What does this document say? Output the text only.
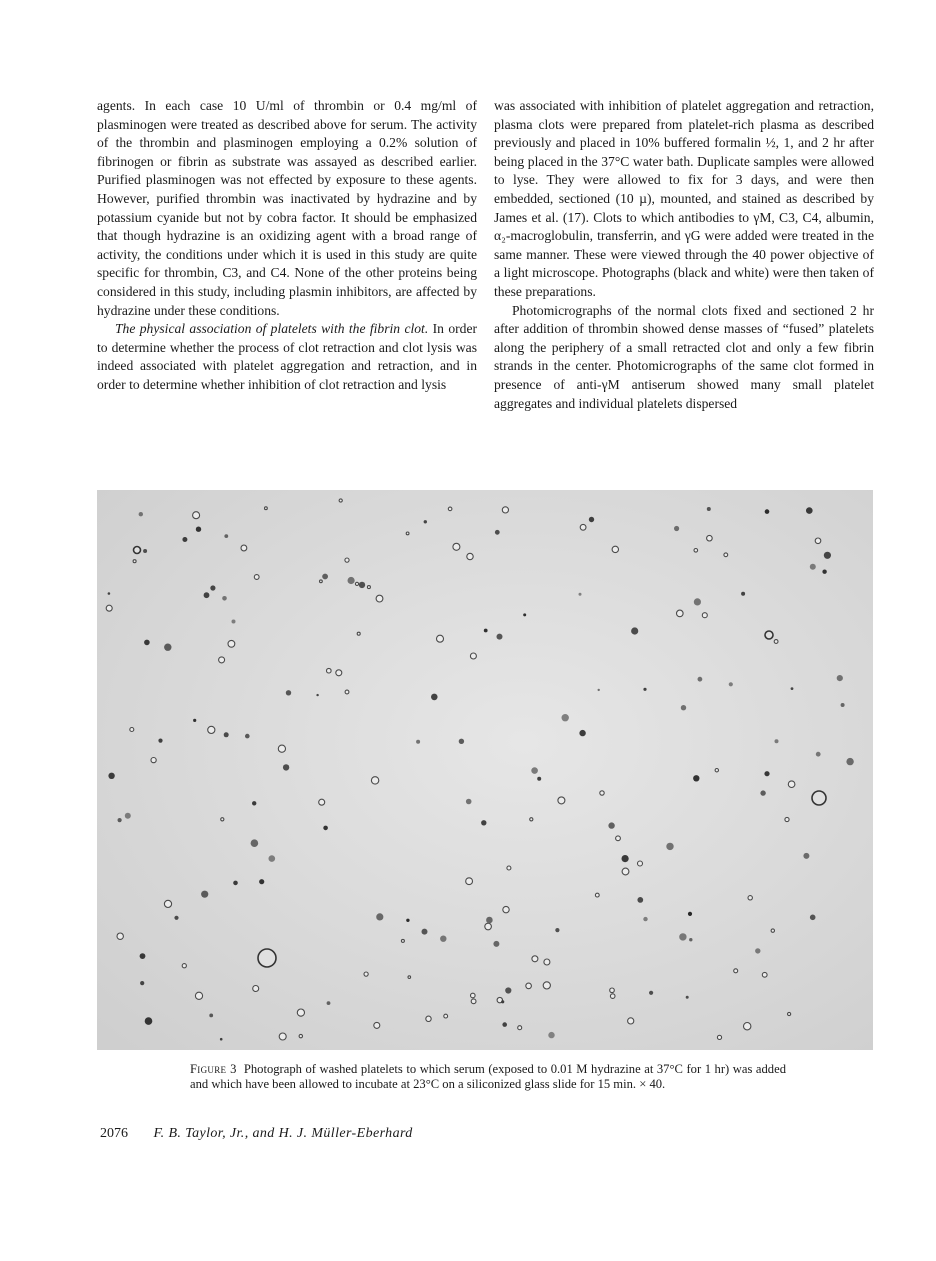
agents. In each case 10 U/ml of thrombin or 0.4 mg/ml of plasminogen were treated as described above for serum. The activity of the thrombin and plasminogen employing a 0.2% solution of fibrinogen or fibrin as substrate was assayed as described earlier. Purified plasminogen was not effected by exposure to these agents. However, purified thrombin was inactivated by hydrazine and by potassium cyanide but not by cobra factor. It should be emphasized that though hydrazine is an oxidizing agent with a broad range of activity, the conditions under which it is used in this study are quite specific for thrombin, C3, and C4. None of the other proteins being considered in this study, including plasmin inhibitors, are affected by hydrazine under these conditions.

The physical association of platelets with the fibrin clot. In order to determine whether the process of clot retraction and clot lysis was indeed associated with platelet aggregation and retraction, and in order to determine whether inhibition of clot retraction and lysis

was associated with inhibition of platelet aggregation and retraction, plasma clots were prepared from platelet-rich plasma as described previously and placed in 10% buffered formalin ½, 1, and 2 hr after being placed in the 37°C water bath. Duplicate samples were allowed to lyse. They were allowed to fix for 3 days, and were then embedded, sectioned (10 µ), mounted, and stained as described by James et al. (17). Clots to which antibodies to γM, C3, C4, albumin, α₂-macroglobulin, transferrin, and γG were added were treated in the same manner. These were viewed through the 40 power objective of a light microscope. Photographs (black and white) were then taken of these preparations.

Photomicrographs of the normal clots fixed and sectioned 2 hr after addition of thrombin showed dense masses of “fused” platelets along the periphery of a small retracted clot and only a few fibrin strands in the center. Photomicrographs of the same clot formed in presence of anti-γM antiserum showed many small platelet aggregates and individual platelets dispersed

Figure 3 Photograph of washed platelets to which serum (exposed to 0.01 M hydrazine at 37°C for 1 hr) was added and which have been allowed to incubate at 23°C on a siliconized glass slide for 15 min. × 40.
2076 F. B. Taylor, Jr., and H. J. Müller-Eberhard
